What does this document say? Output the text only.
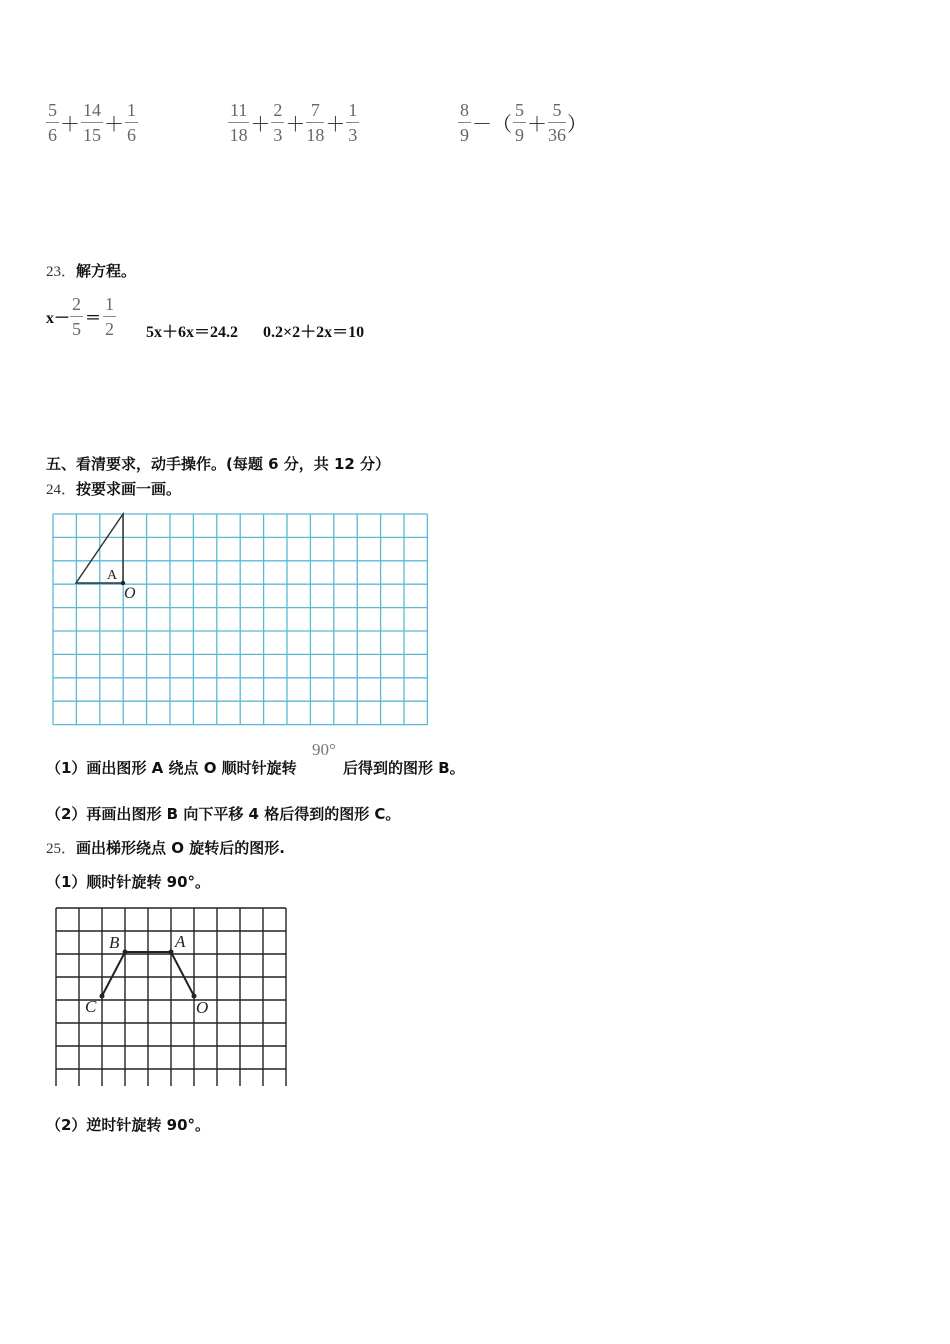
$\frac{5}{6} + \frac{14}{15} + \frac{1}{6}$	$\frac{11}{18} + \frac{2}{3} + \frac{7}{18} + \frac{1}{3}$	$\frac{8}{9}$ －（ $\frac{5}{9} + \frac{5}{36}$ ）
23．解方程。
$x- \frac{2}{5} = \frac{1}{2} 5x+6x=24.2$ 0.2×2＋2x＝10
五、看清要求，动手操作。(每题 6 分，共 12 分）
24．按要求画一画。
A
O
（1）画出图形 A 绕点 O 顺时针旋转
90°
后得到的图形 B。
（2）再画出图形 B 向下平移 4 格后得到的图形 C。
25．画出梯形绕点 O 旋转后的图形.
（1）顺时针旋转 90°。
B	A
C	O
（2）逆时针旋转 90°。
